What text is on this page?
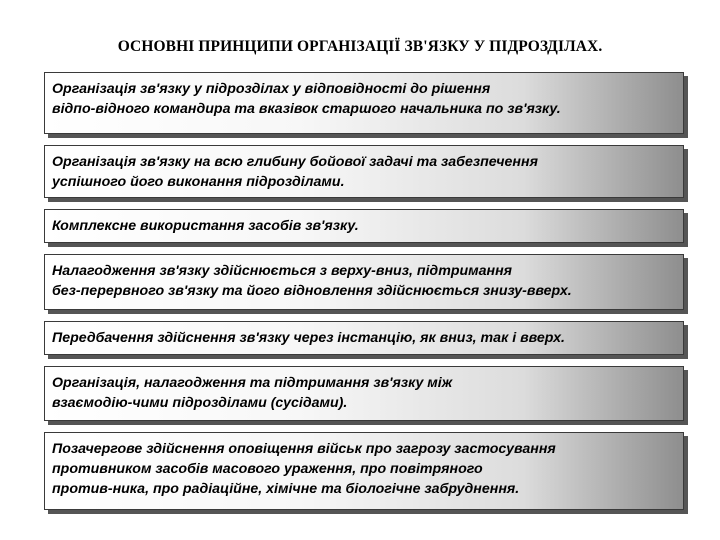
ОСНОВНІ ПРИНЦИПИ ОРГАНІЗАЦІЇ ЗВ'ЯЗКУ У ПІДРОЗДІЛАХ.
Організація зв'язку у підрозділах у відповідності до рішення
відпо-відного командира та вказівок старшого начальника по зв'язку.
Організація зв'язку на всю глибину бойової задачі та забезпечення
успішного його виконання підрозділами.
Комплексне використання засобів зв'язку.
Налагодження зв'язку здійснюється з верху-вниз, підтримання
без-перервного зв'язку та його відновлення здійснюється знизу-вверх.
Передбачення здійснення зв'язку через інстанцію, як вниз, так і вверх.
Організація, налагодження та підтримання зв'язку між
взаємодію-чими підрозділами (сусідами).
Позачергове здійснення оповіщення військ про загрозу застосування
противником засобів масового ураження, про повітряного
против-ника, про радіаційне, хімічне та біологічне забруднення.
